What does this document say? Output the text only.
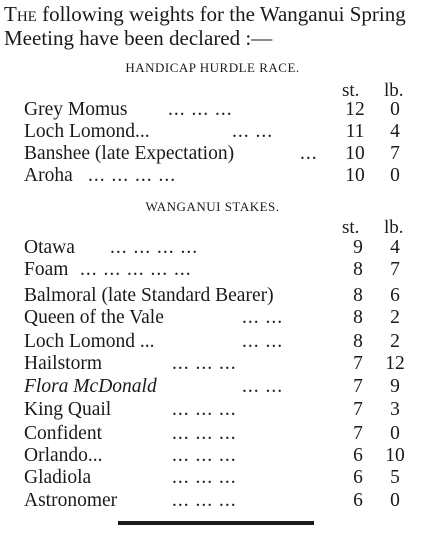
The following weights for the Wanganui Spring Meeting have been declared :—
HANDICAP HURDLE RACE.
st. lb.
Grey Momus ... ... ...	12	0
Loch Lomond...	... ...	11	4
Banshee (late Expectation)	... 10	7
Aroha ... ... ... ...	10	0
WANGANUI STAKES.
st. lb.
Otawa ... ... ... ...	9	4
Foam ... ... ... ... ...	8	7
Balmoral (late Standard Bearer)	8	6
Queen of the Vale	... ...	8	2
Loch Lomond ...	... ...	8	2
Hailstorm	... ... ...	7	12
Flora McDonald	... ...	7	9
King Quail	... ... ...	7	3
Confident	... ... ...	7	0
Orlando...	... ... ...	6	10
Gladiola	... ... ...	6	5
Astronomer	... ... ...	6	0
